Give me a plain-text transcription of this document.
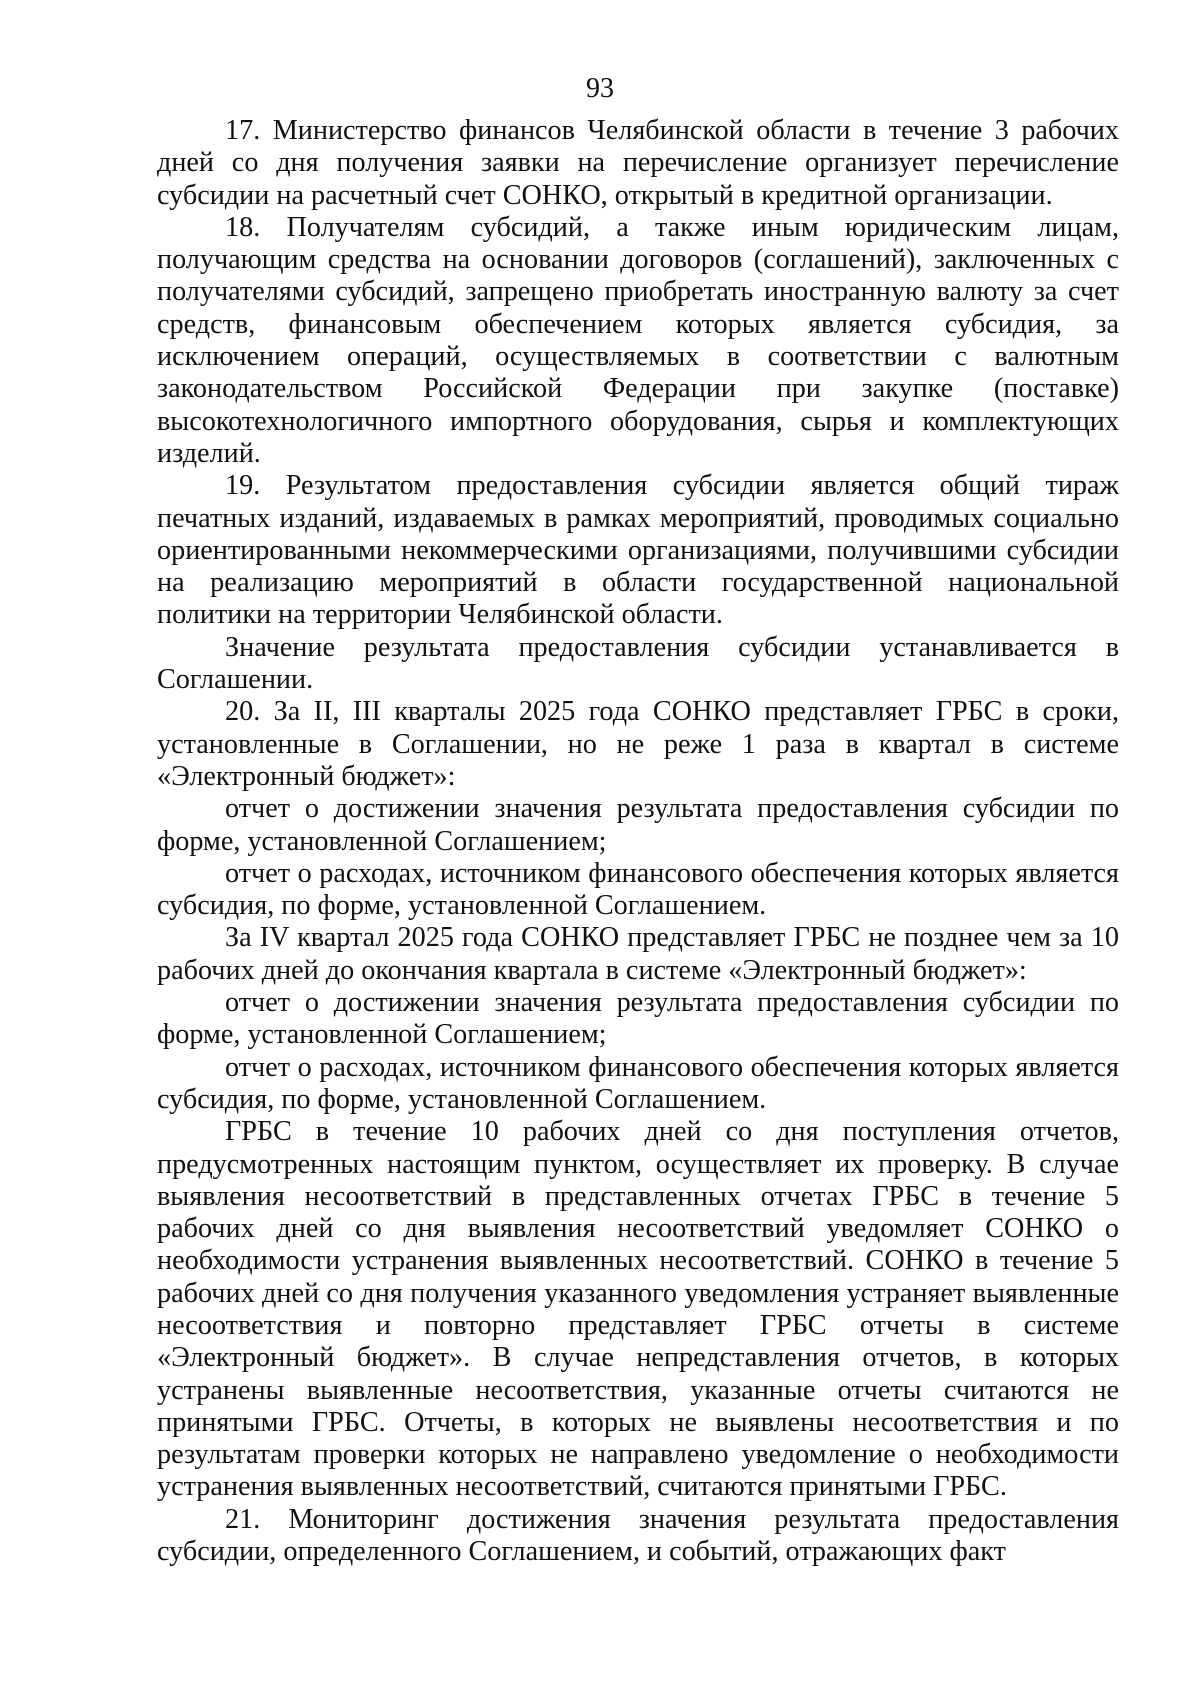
93

17. Министерство финансов Челябинской области в течение 3 рабочих дней со дня получения заявки на перечисление организует перечисление субсидии на расчетный счет СОНКО, открытый в кредитной организации.

18. Получателям субсидий, а также иным юридическим лицам, получающим средства на основании договоров (соглашений), заключенных с получателями субсидий, запрещено приобретать иностранную валюту за счет средств, финансовым обеспечением которых является субсидия, за исключением операций, осуществляемых в соответствии с валютным законодательством Российской Федерации при закупке (поставке) высокотехнологичного импортного оборудования, сырья и комплектующих изделий.

19. Результатом предоставления субсидии является общий тираж печатных изданий, издаваемых в рамках мероприятий, проводимых социально ориентированными некоммерческими организациями, получившими субсидии на реализацию мероприятий в области государственной национальной политики на территории Челябинской области.

Значение результата предоставления субсидии устанавливается в Соглашении.

20. За II, III кварталы 2025 года СОНКО представляет ГРБС в сроки, установленные в Соглашении, но не реже 1 раза в квартал в системе «Электронный бюджет»:

отчет о достижении значения результата предоставления субсидии по форме, установленной Соглашением;

отчет о расходах, источником финансового обеспечения которых является субсидия, по форме, установленной Соглашением.

За IV квартал 2025 года СОНКО представляет ГРБС не позднее чем за 10 рабочих дней до окончания квартала в системе «Электронный бюджет»:

отчет о достижении значения результата предоставления субсидии по форме, установленной Соглашением;

отчет о расходах, источником финансового обеспечения которых является субсидия, по форме, установленной Соглашением.

ГРБС в течение 10 рабочих дней со дня поступления отчетов, предусмотренных настоящим пунктом, осуществляет их проверку. В случае выявления несоответствий в представленных отчетах ГРБС в течение 5 рабочих дней со дня выявления несоответствий уведомляет СОНКО о необходимости устранения выявленных несоответствий. СОНКО в течение 5 рабочих дней со дня получения указанного уведомления устраняет выявленные несоответствия и повторно представляет ГРБС отчеты в системе «Электронный бюджет». В случае непредставления отчетов, в которых устранены выявленные несоответствия, указанные отчеты считаются не принятыми ГРБС. Отчеты, в которых не выявлены несоответствия и по результатам проверки которых не направлено уведомление о необходимости устранения выявленных несоответствий, считаются принятыми ГРБС.

21. Мониторинг достижения значения результата предоставления субсидии, определенного Соглашением, и событий, отражающих факт
